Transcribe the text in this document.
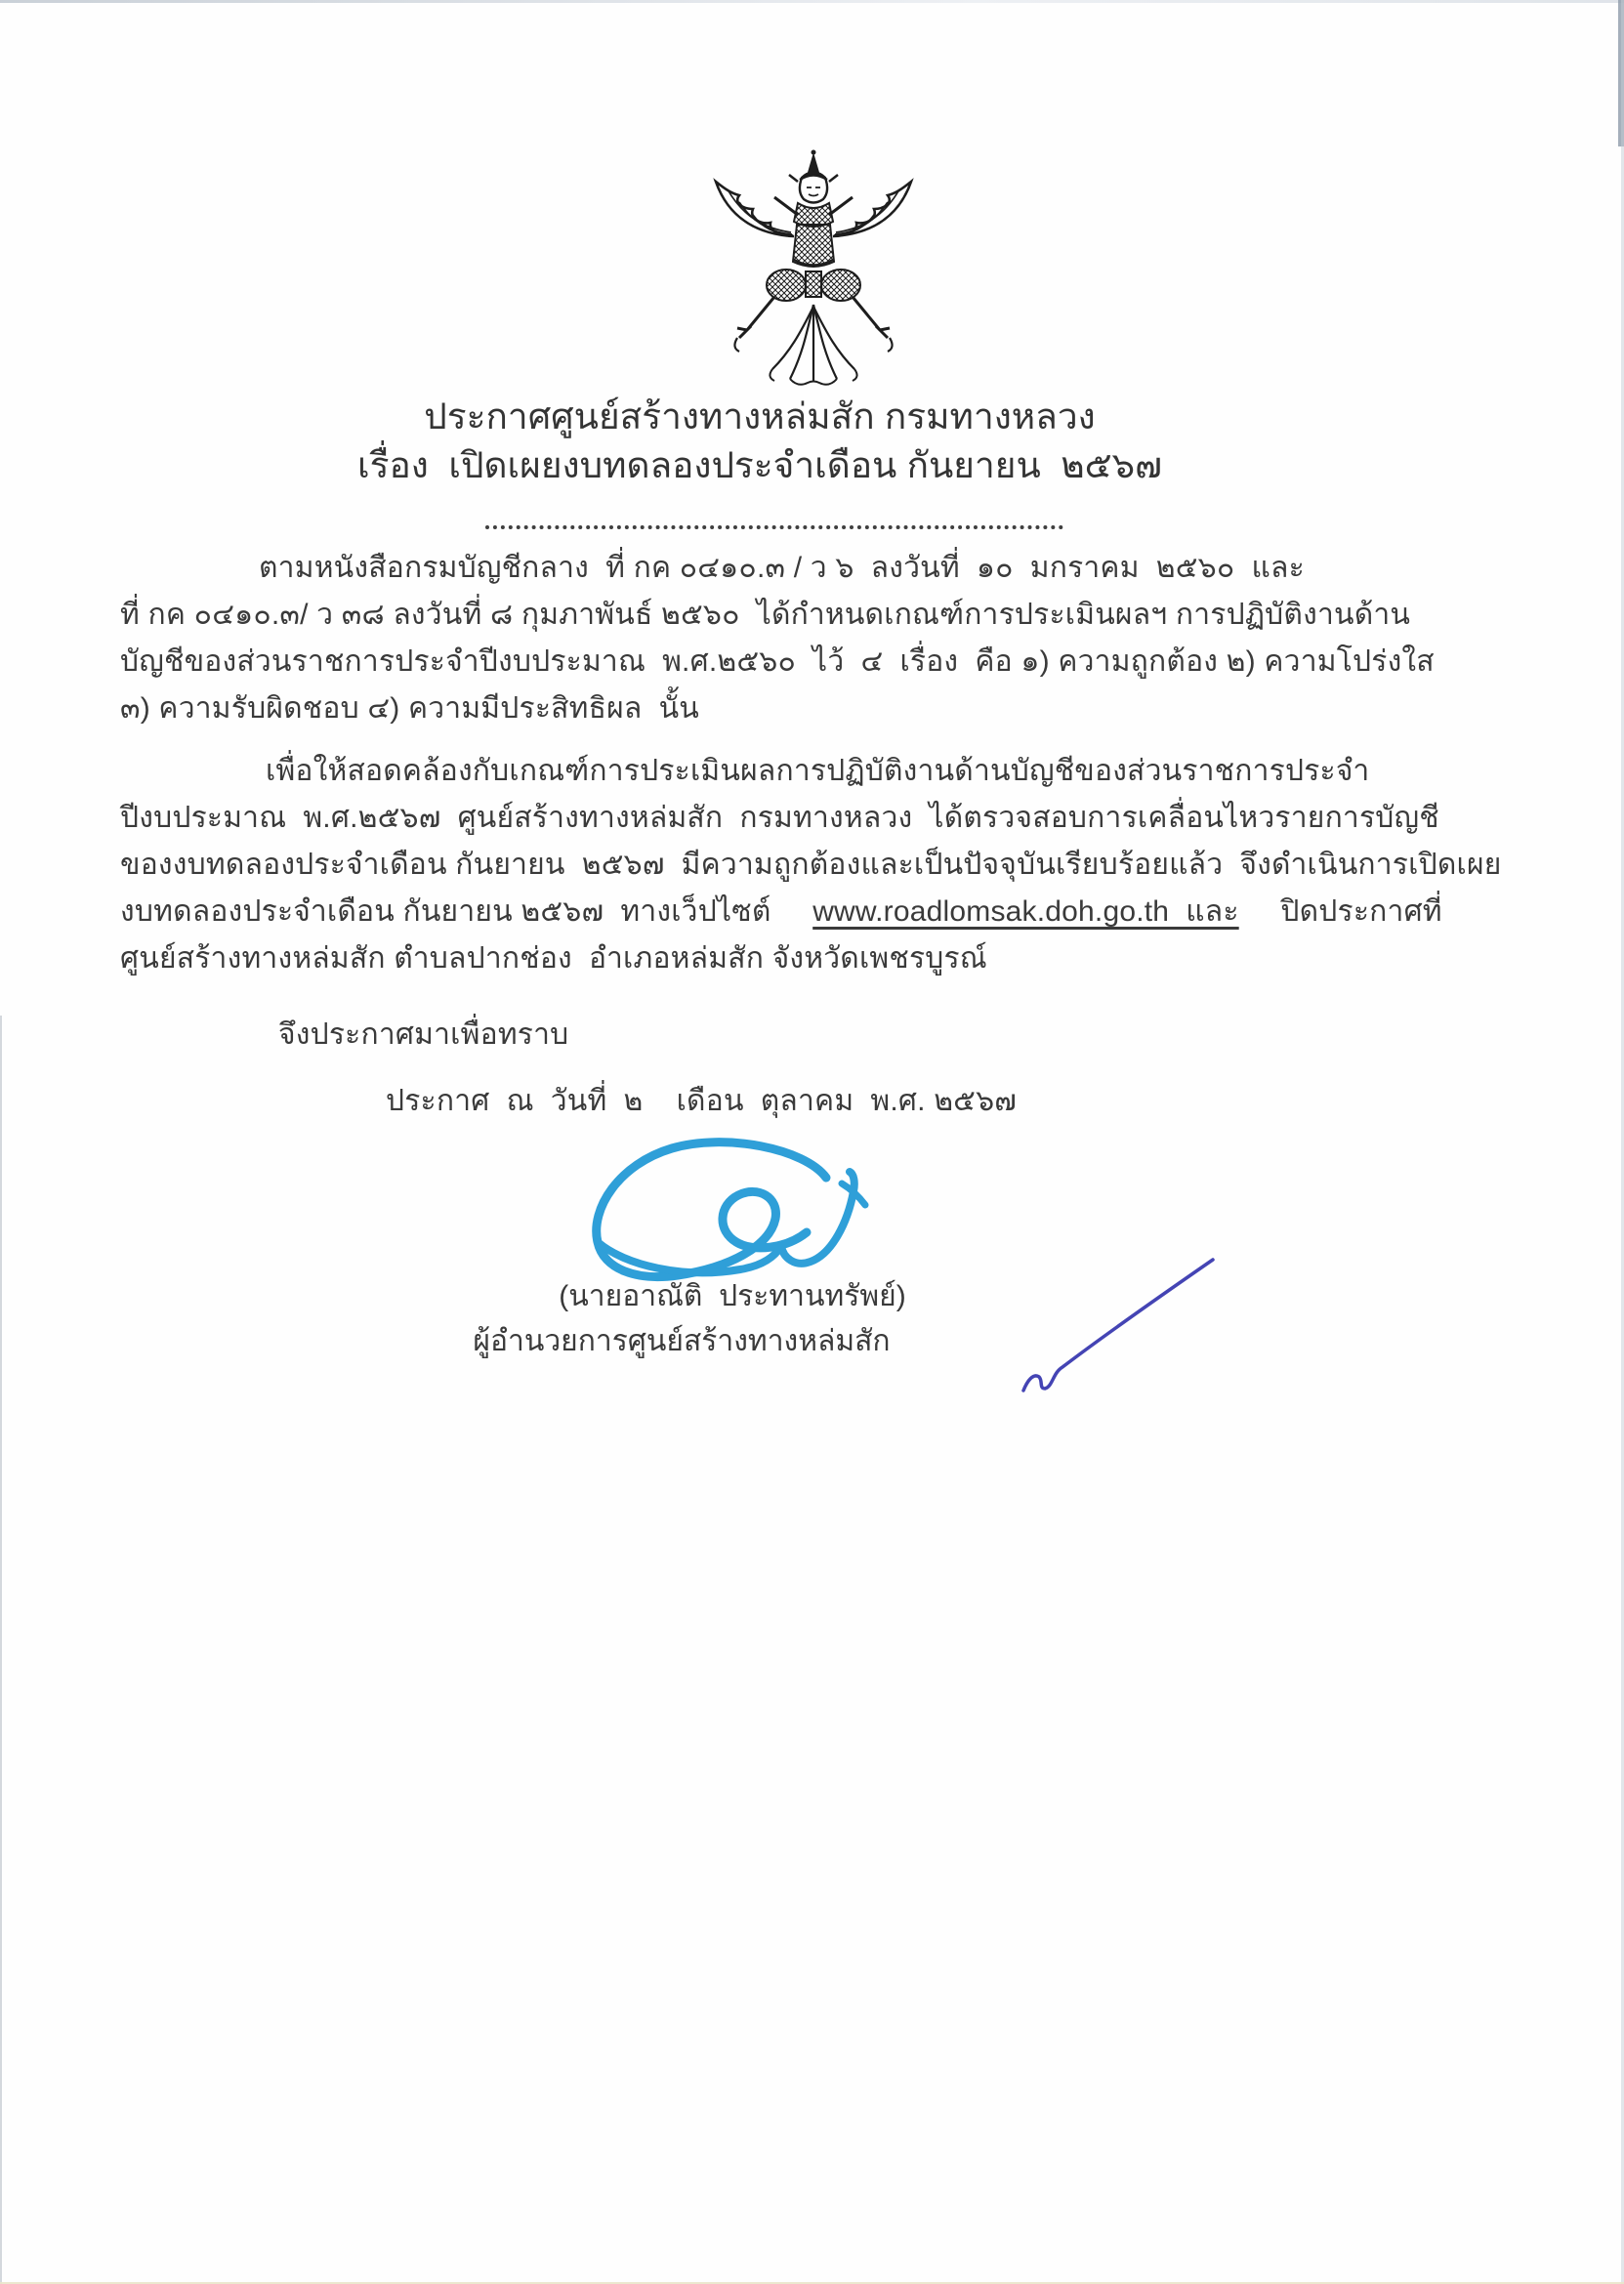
ประกาศศูนย์สร้างทางหล่มสัก กรมทางหลวง
เรื่อง  เปิดเผยงบทดลองประจำเดือน กันยายน  ๒๕๖๗
ตามหนังสือกรมบัญชีกลาง  ที่ กค ๐๔๑๐.๓ / ว ๖  ลงวันที่  ๑๐  มกราคม  ๒๕๖๐  และ
ที่ กค ๐๔๑๐.๓/ ว ๓๘ ลงวันที่ ๘ กุมภาพันธ์ ๒๕๖๐  ได้กำหนดเกณฑ์การประเมินผลฯ การปฏิบัติงานด้าน
บัญชีของส่วนราชการประจำปีงบประมาณ  พ.ศ.๒๕๖๐  ไว้  ๔  เรื่อง  คือ ๑) ความถูกต้อง ๒) ความโปร่งใส
๓) ความรับผิดชอบ ๔) ความมีประสิทธิผล  นั้น
เพื่อให้สอดคล้องกับเกณฑ์การประเมินผลการปฏิบัติงานด้านบัญชีของส่วนราชการประจำ
ปีงบประมาณ  พ.ศ.๒๕๖๗  ศูนย์สร้างทางหล่มสัก  กรมทางหลวง  ได้ตรวจสอบการเคลื่อนไหวรายการบัญชี
ของงบทดลองประจำเดือน กันยายน  ๒๕๖๗  มีความถูกต้องและเป็นปัจจุบันเรียบร้อยแล้ว  จึงดำเนินการเปิดเผย
งบทดลองประจำเดือน กันยายน ๒๕๖๗  ทางเว็ปไซต์     www.roadlomsak.doh.go.th  และ     ปิดประกาศที่
ศูนย์สร้างทางหล่มสัก ตำบลปากช่อง  อำเภอหล่มสัก จังหวัดเพชรบูรณ์
จึงประกาศมาเพื่อทราบ
ประกาศ  ณ  วันที่  ๒    เดือน  ตุลาคม  พ.ศ. ๒๕๖๗
(นายอาณัติ  ประทานทรัพย์)
ผู้อำนวยการศูนย์สร้างทางหล่มสัก
